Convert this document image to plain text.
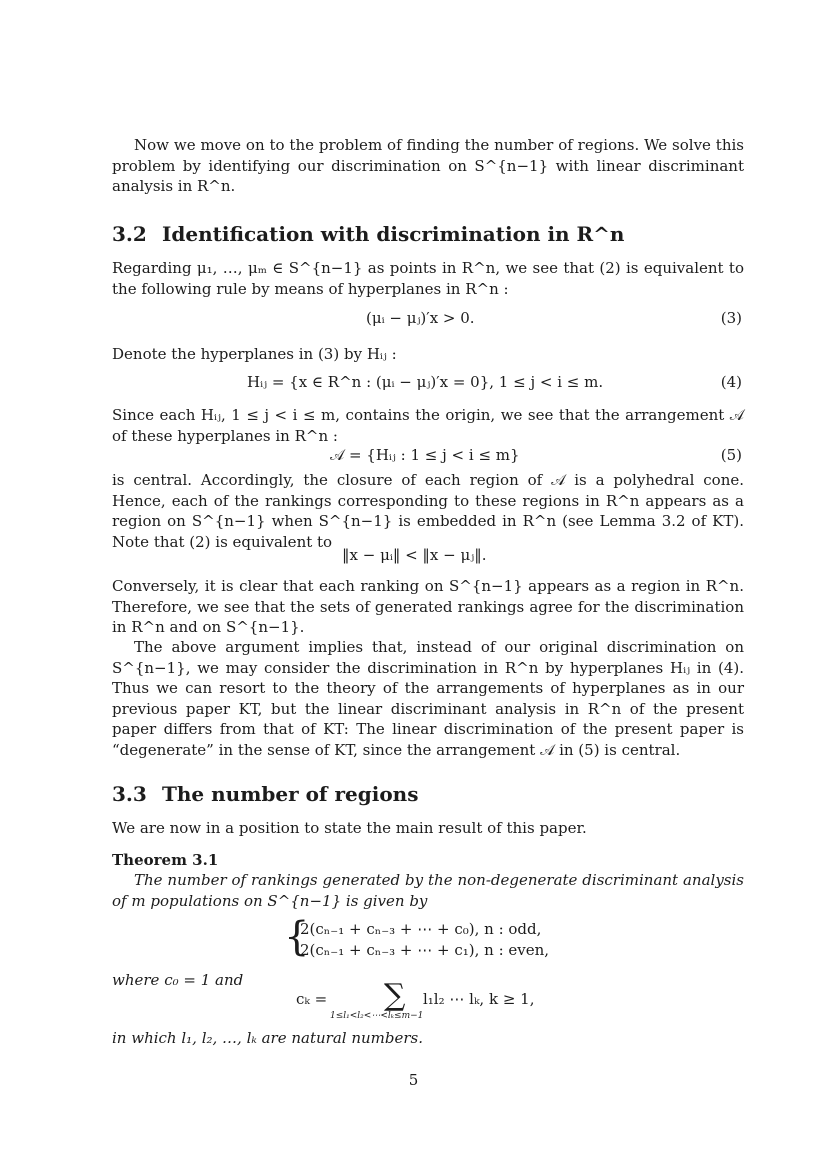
Now we move on to the problem of finding the number of regions. We solve this problem by identifying our discrimination on S^{n−1} with linear discriminant analysis in R^n.

3.2 Identification with discrimination in R^n

Regarding μ₁, …, μₘ ∈ S^{n−1} as points in R^n, we see that (2) is equivalent to the following rule by means of hyperplanes in R^n :

(μᵢ − μⱼ)′x > 0.	(3)

Denote the hyperplanes in (3) by Hᵢⱼ :

Hᵢⱼ = {x ∈ R^n : (μᵢ − μⱼ)′x = 0}, 1 ≤ j < i ≤ m.	(4)

Since each Hᵢⱼ, 1 ≤ j < i ≤ m, contains the origin, we see that the arrangement 𝒜 of these hyperplanes in R^n :

𝒜 = {Hᵢⱼ : 1 ≤ j < i ≤ m}	(5)

is central. Accordingly, the closure of each region of 𝒜 is a polyhedral cone. Hence, each of the rankings corresponding to these regions in R^n appears as a region on S^{n−1} when S^{n−1} is embedded in R^n (see Lemma 3.2 of KT). Note that (2) is equivalent to

‖x − μᵢ‖ < ‖x − μⱼ‖.

Conversely, it is clear that each ranking on S^{n−1} appears as a region in R^n. Therefore, we see that the sets of generated rankings agree for the discrimination in R^n and on S^{n−1}.

The above argument implies that, instead of our original discrimination on S^{n−1}, we may consider the discrimination in R^n by hyperplanes Hᵢⱼ in (4). Thus we can resort to the theory of the arrangements of hyperplanes as in our previous paper KT, but the linear discriminant analysis in R^n of the present paper differs from that of KT: The linear discrimination of the present paper is “degenerate” in the sense of KT, since the arrangement 𝒜 in (5) is central.

3.3 The number of regions

We are now in a position to state the main result of this paper.

Theorem 3.1

The number of rankings generated by the non-degenerate discriminant analysis of m populations on S^{n−1} is given by

{
2(cₙ₋₁ + cₙ₋₃ + ⋯ + c₀), n : odd,
2(cₙ₋₁ + cₙ₋₃ + ⋯ + c₁), n : even,
where c₀ = 1 and
cₖ = ∑
1≤l₁<l₂<⋯<lₖ≤m−1
l₁l₂ ⋯ lₖ, k ≥ 1,
in which l₁, l₂, …, lₖ are natural numbers.
5
